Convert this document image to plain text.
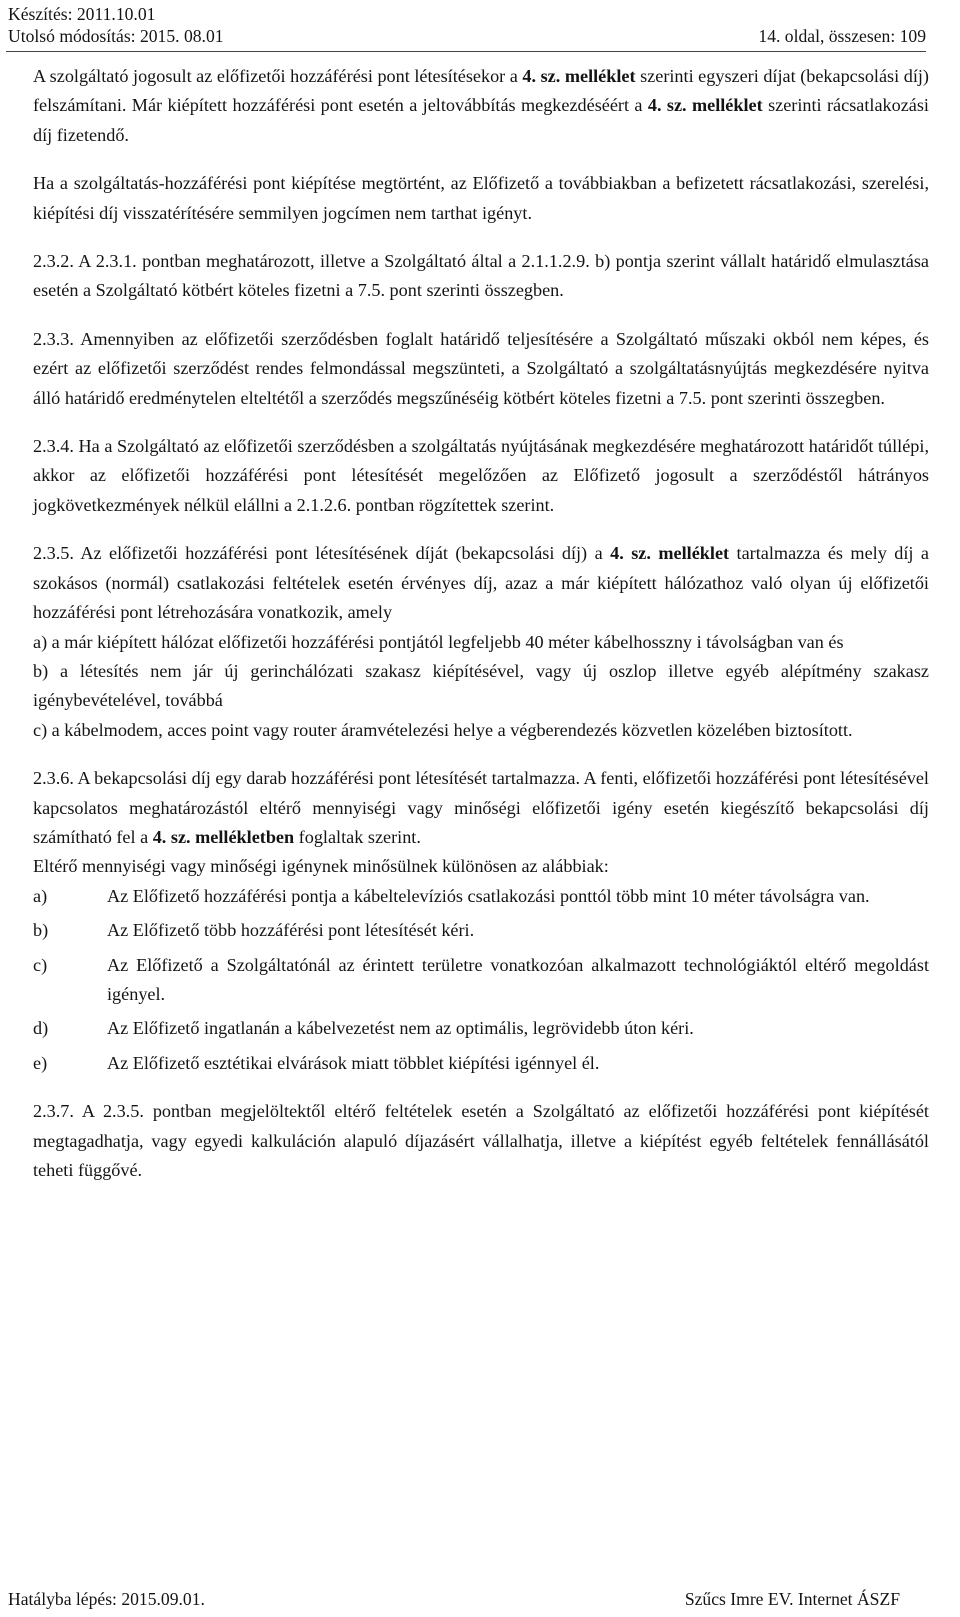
Készítés: 2011.10.01
Utolsó módosítás: 2015. 08.01	14. oldal, összesen: 109

A szolgáltató jogosult az előfizetői hozzáférési pont létesítésekor a 4. sz. melléklet szerinti egyszeri díjat (bekapcsolási díj) felszámítani. Már kiépített hozzáférési pont esetén a jeltovábbítás megkezdéséért a 4. sz. melléklet szerinti rácsatlakozási díj fizetendő.

Ha a szolgáltatás-hozzáférési pont kiépítése megtörtént, az Előfizető a továbbiakban a befizetett rácsatlakozási, szerelési, kiépítési díj visszatérítésére semmilyen jogcímen nem tarthat igényt.

2.3.2. A 2.3.1. pontban meghatározott, illetve a Szolgáltató által a 2.1.1.2.9. b) pontja szerint vállalt határidő elmulasztása esetén a Szolgáltató kötbért köteles fizetni a 7.5. pont szerinti összegben.

2.3.3. Amennyiben az előfizetői szerződésben foglalt határidő teljesítésére a Szolgáltató műszaki okból nem képes, és ezért az előfizetői szerződést rendes felmondással megszünteti, a Szolgáltató a szolgáltatásnyújtás megkezdésére nyitva álló határidő eredménytelen elteltétől a szerződés megszűnéséig kötbért köteles fizetni a 7.5. pont szerinti összegben.

2.3.4. Ha a Szolgáltató az előfizetői szerződésben a szolgáltatás nyújtásának megkezdésére meghatározott határidőt túllépi, akkor az előfizetői hozzáférési pont létesítését megelőzően az Előfizető jogosult a szerződéstől hátrányos jogkövetkezmények nélkül elállni a 2.1.2.6. pontban rögzítettek szerint.

2.3.5. Az előfizetői hozzáférési pont létesítésének díját (bekapcsolási díj) a 4. sz. melléklet tartalmazza és mely díj a szokásos (normál) csatlakozási feltételek esetén érvényes díj, azaz a már kiépített hálózathoz való olyan új előfizetői hozzáférési pont létrehozására vonatkozik, amely

a) a már kiépített hálózat előfizetői hozzáférési pontjától legfeljebb 40 méter kábelhosszny i távolságban van és

b) a létesítés nem jár új gerinchálózati szakasz kiépítésével, vagy új oszlop illetve egyéb alépítmény szakasz igénybevételével, továbbá

c) a kábelmodem, acces point vagy router áramvételezési helye a végberendezés közvetlen közelében biztosított.

2.3.6. A bekapcsolási díj egy darab hozzáférési pont létesítését tartalmazza. A fenti, előfizetői hozzáférési pont létesítésével kapcsolatos meghatározástól eltérő mennyiségi vagy minőségi előfizetői igény esetén kiegészítő bekapcsolási díj számítható fel a 4. sz. mellékletben foglaltak szerint.

Eltérő mennyiségi vagy minőségi igénynek minősülnek különösen az alábbiak:

a)	Az Előfizető hozzáférési pontja a kábeltelevíziós csatlakozási ponttól több mint 10 méter távolságra van.
b)	Az Előfizető több hozzáférési pont létesítését kéri.
c)	Az Előfizető a Szolgáltatónál az érintett területre vonatkozóan alkalmazott technológiáktól eltérő megoldást igényel.
d)	Az Előfizető ingatlanán a kábelvezetést nem az optimális, legrövidebb úton kéri.
e)	Az Előfizető esztétikai elvárások miatt többlet kiépítési igénnyel él.

2.3.7. A 2.3.5. pontban megjelöltektől eltérő feltételek esetén a Szolgáltató az előfizetői hozzáférési pont kiépítését megtagadhatja, vagy egyedi kalkuláción alapuló díjazásért vállalhatja, illetve a kiépítést egyéb feltételek fennállásától teheti függővé.

Hatályba lépés: 2015.09.01.	Szűcs Imre EV. Internet ÁSZF
